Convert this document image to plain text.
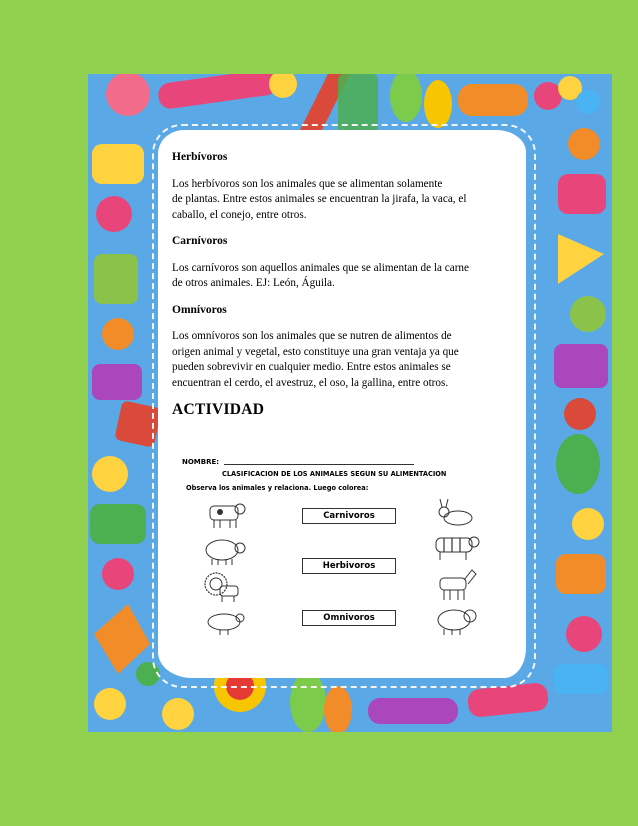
Herbívoros

Los herbívoros son los animales que se alimentan solamente
de plantas. Entre estos animales se encuentran la jirafa, la vaca, el
caballo, el conejo, entre otros.

Carnívoros

Los carnívoros son aquellos animales que se alimentan de la carne
de otros animales. EJ: León, Águila.

Omnívoros

Los omnívoros son los animales que se nutren de alimentos de
origen animal y vegetal, esto constituye una gran ventaja ya que
pueden sobrevivir en cualquier medio. Entre estos animales se
encuentran el cerdo, el avestruz, el oso, la gallina, entre otros.

ACTIVIDAD
NOMBRE:
CLASIFICACION DE LOS ANIMALES SEGUN SU ALIMENTACION
Observa los animales y relaciona. Luego colorea:
Carnivoros
Herbivoros
Omnivoros
